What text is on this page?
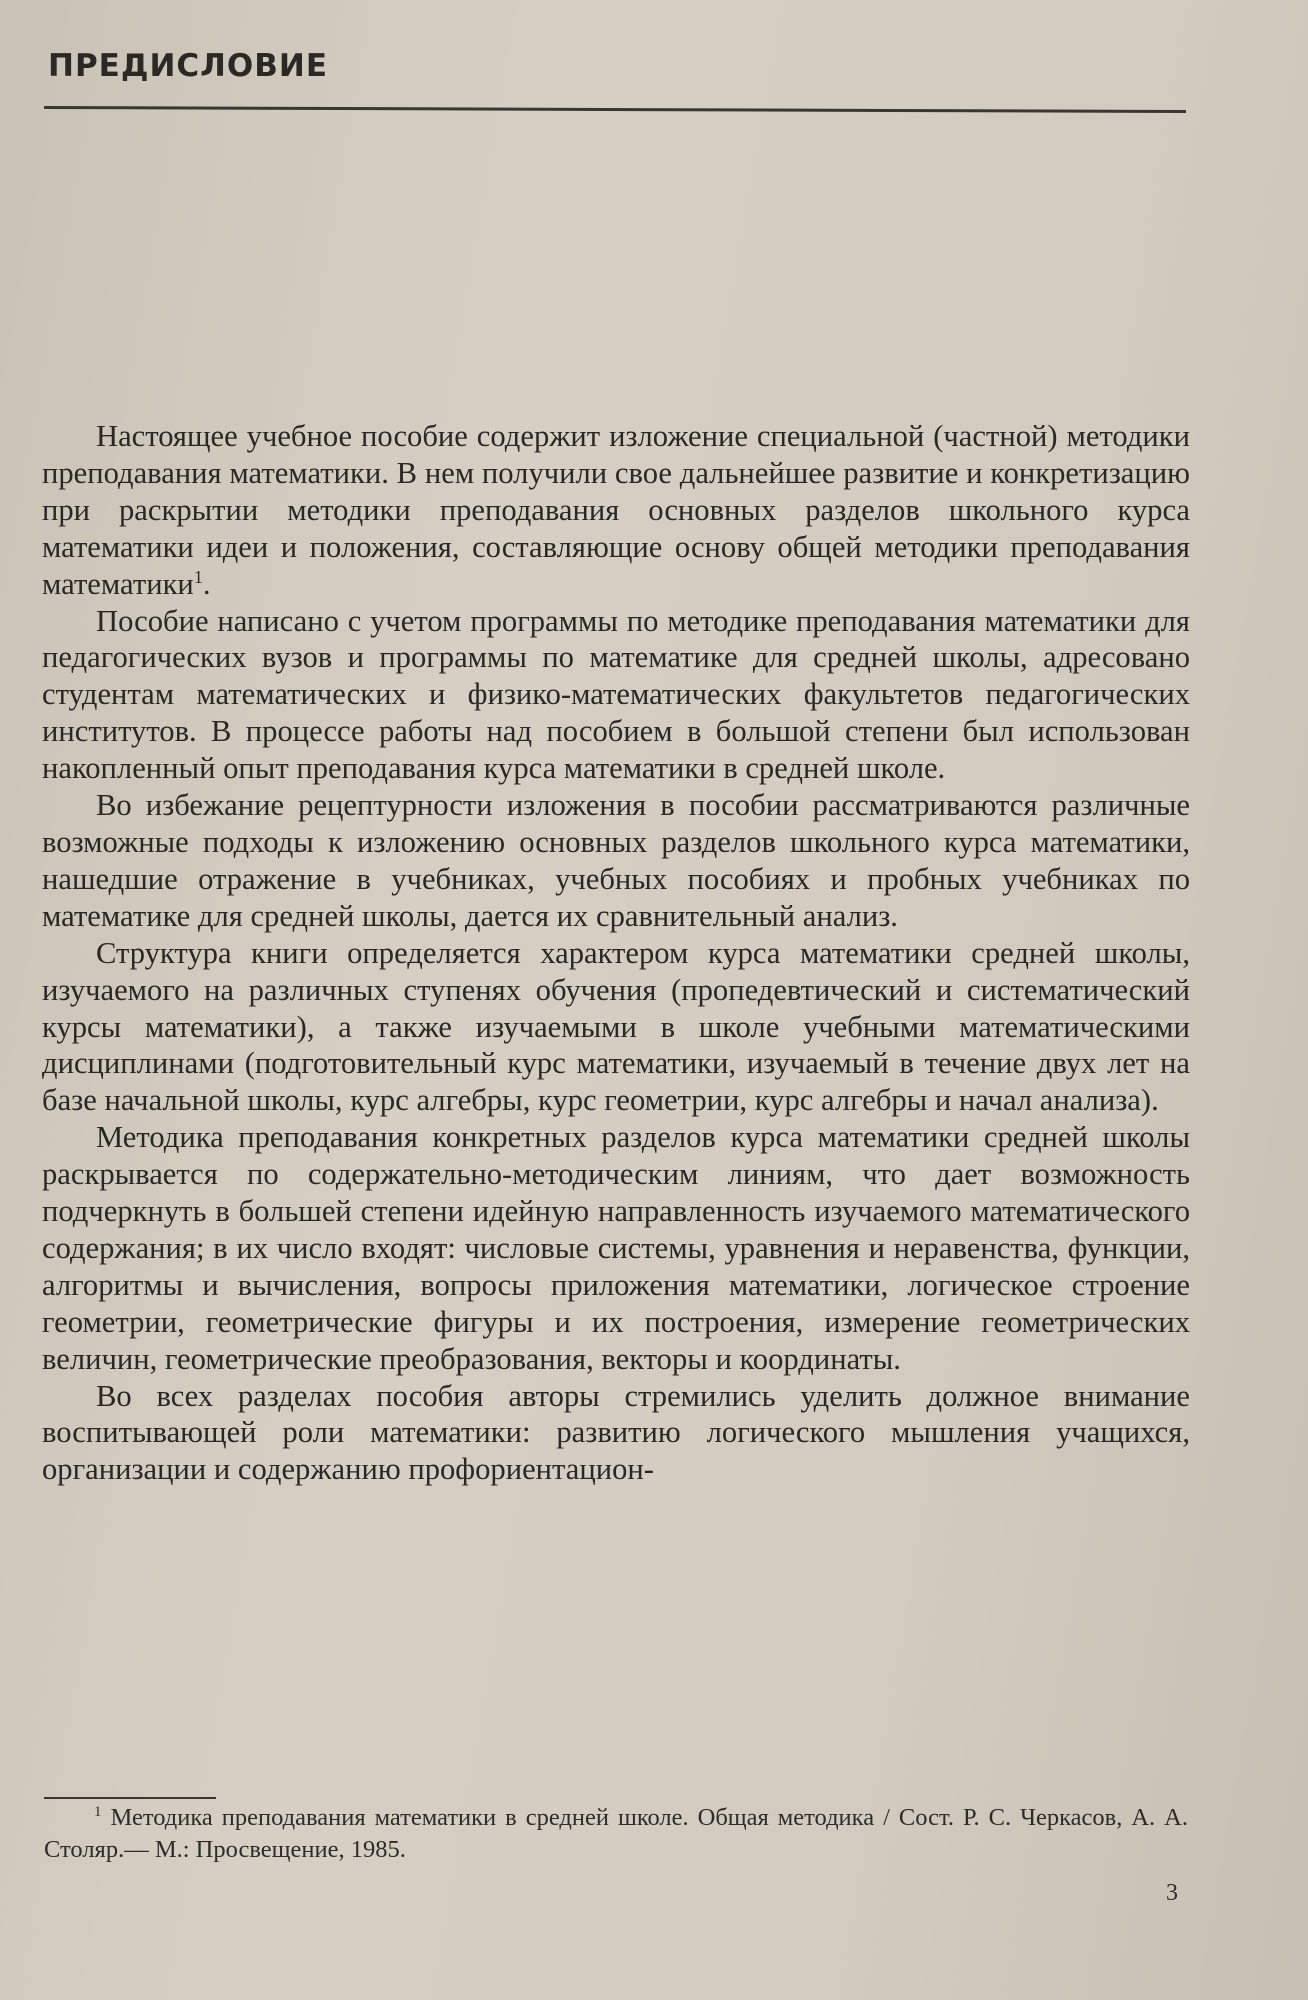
ПРЕДИСЛОВИЕ

Настоящее учебное пособие содержит изложение специальной (частной) методики преподавания математики. В нем получили свое дальнейшее развитие и конкретизацию при раскрытии методики преподавания основных разделов школьного курса математики идеи и положения, составляющие основу общей методики преподавания математики$^1$.

Пособие написано с учетом программы по методике преподавания математики для педагогических вузов и программы по математике для средней школы, адресовано студентам математических и физико-математических факультетов педагогических институтов. В процессе работы над пособием в большой степени был использован накопленный опыт преподавания курса математики в средней школе.

Во избежание рецептурности изложения в пособии рассматриваются различные возможные подходы к изложению основных разделов школьного курса математики, нашедшие отражение в учебниках, учебных пособиях и пробных учебниках по математике для средней школы, дается их сравнительный анализ.

Структура книги определяется характером курса математики средней школы, изучаемого на различных ступенях обучения (пропедевтический и систематический курсы математики), а также изучаемыми в школе учебными математическими дисциплинами (подготовительный курс математики, изучаемый в течение двух лет на базе начальной школы, курс алгебры, курс геометрии, курс алгебры и начал анализа).

Методика преподавания конкретных разделов курса математики средней школы раскрывается по содержательно-методическим линиям, что дает возможность подчеркнуть в большей степени идейную направленность изучаемого математического содержания; в их число входят: числовые системы, уравнения и неравенства, функции, алгоритмы и вычисления, вопросы приложения математики, логическое строение геометрии, геометрические фигуры и их построения, измерение геометрических величин, геометрические преобразования, векторы и координаты.

Во всех разделах пособия авторы стремились уделить должное внимание воспитывающей роли математики: развитию логического мышления учащихся, организации и содержанию профориентацион-

$^1$ Методика преподавания математики в средней школе. Общая методика / Сост. Р. С. Черкасов, А. А. Столяр.— М.: Просвещение, 1985.

3
